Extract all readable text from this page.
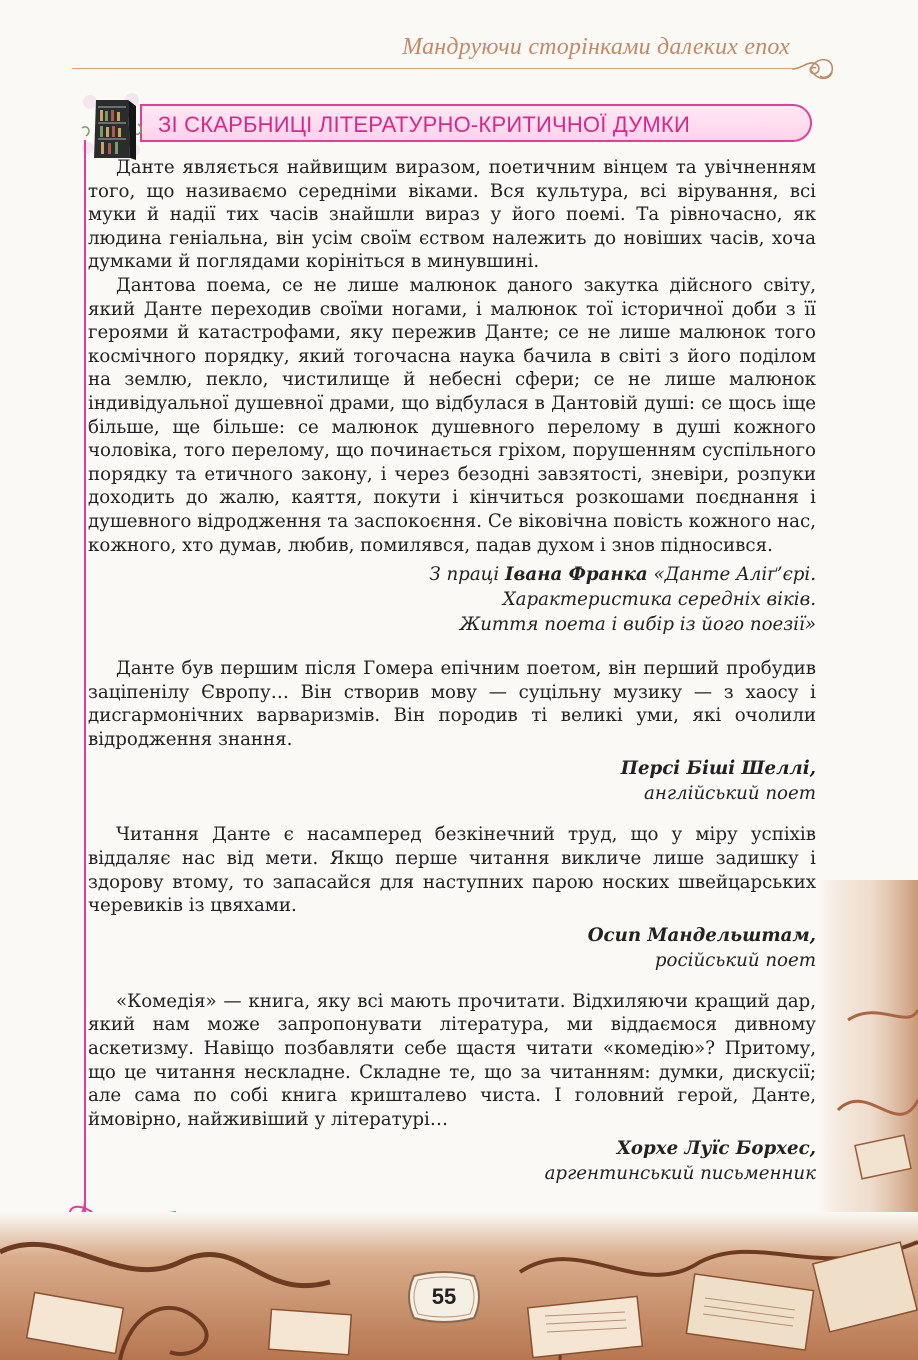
Мандруючи сторінками далеких епох
ЗІ СКАРБНИЦІ ЛІТЕРАТУРНО-КРИТИЧНОЇ ДУМКИ

Данте являється найвищим виразом, поетичним вінцем та увічненням того, що називаємо середніми віками. Вся культура, всі вірування, всі муки й надії тих часів знайшли вираз у його поемі. Та рівночасно, як людина геніальна, він усім своїм єством належить до новіших часів, хоча думками й поглядами корініться в минувшині.

Дантова поема, се не лише малюнок даного закутка дійсного світу, який Данте переходив своїми ногами, і малюнок тої історичної доби з її героями й катастрофами, яку пережив Данте; се не лише малюнок того космічного порядку, який тогочасна наука бачила в світі з його поділом на землю, пекло, чистилище й небесні сфери; се не лише малюнок індивідуальної душевної драми, що відбулася в Дантовій душі: се щось іще більше, ще більше: се малюнок душевного перелому в душі кожного чоловіка, того перелому, що починається гріхом, порушенням суспільного порядку та етичного закону, і через безодні завзятості, зневіри, розпуки доходить до жалю, каяття, покути і кінчиться розкошами поєднання і душевного відродження та заспокоєння. Се віковічна повість кожного нас, кожного, хто думав, любив, помилявся, падав духом і знов підносився.

З праці Івана Франка «Данте Аліґ’єрі.
Характеристика середніх віків.
Життя поета і вибір із його поезії»

Данте був першим після Гомера епічним поетом, він перший пробудив заціпенілу Європу… Він створив мову — суцільну музику — з хаосу і дисгармонічних варваризмів. Він породив ті великі уми, які очолили відродження знання.

Персі Біші Шеллі,
англійський поет

Читання Данте є насамперед безкінечний труд, що у міру успіхів віддаляє нас від мети. Якщо перше читання викличе лише задишку і здорову втому, то запасайся для наступних парою носких швейцарських черевиків із цвяхами.

Осип Мандельштам,
російський поет

«Комедія» — книга, яку всі мають прочитати. Відхиляючи кращий дар, який нам може запропонувати література, ми віддаємося дивному аскетизму. Навіщо позбавляти себе щастя читати «комедію»? Притому, що це читання нескладне. Складне те, що за читанням: думки, дискусії; але сама по собі книга кришталево чиста. І головний герой, Данте, ймовірно, найживіший у літературі…

Хорхе Луїс Борхес,
аргентинський письменник
55
